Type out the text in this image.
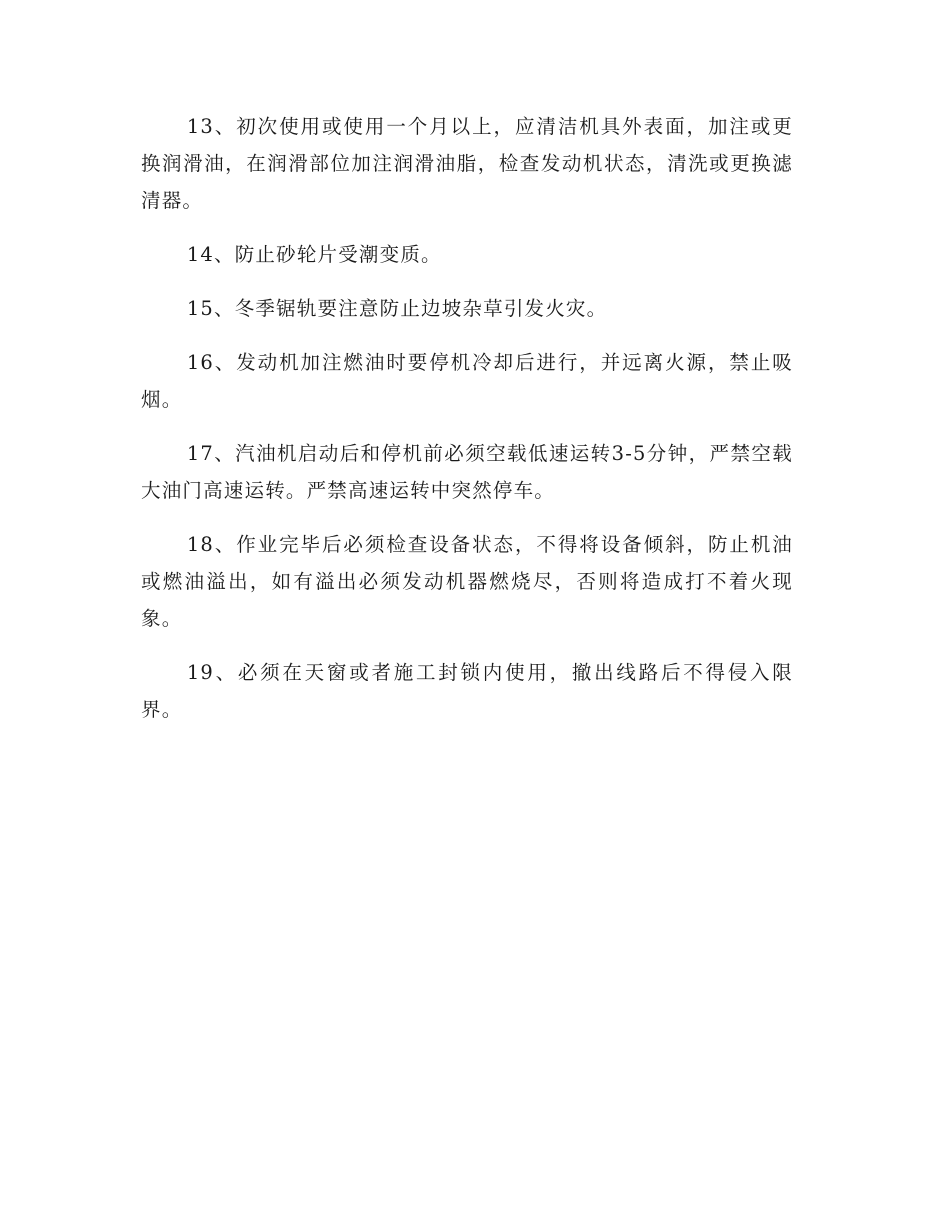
13、初次使用或使用一个月以上，应清洁机具外表面，加注或更换润滑油，在润滑部位加注润滑油脂，检查发动机状态，清洗或更换滤清器。

14、防止砂轮片受潮变质。

15、冬季锯轨要注意防止边坡杂草引发火灾。

16、发动机加注燃油时要停机冷却后进行，并远离火源，禁止吸烟。

17、汽油机启动后和停机前必须空载低速运转3-5分钟，严禁空载大油门高速运转。严禁高速运转中突然停车。

18、作业完毕后必须检查设备状态，不得将设备倾斜，防止机油或燃油溢出，如有溢出必须发动机器燃烧尽，否则将造成打不着火现象。

19、必须在天窗或者施工封锁内使用，撤出线路后不得侵入限界。
